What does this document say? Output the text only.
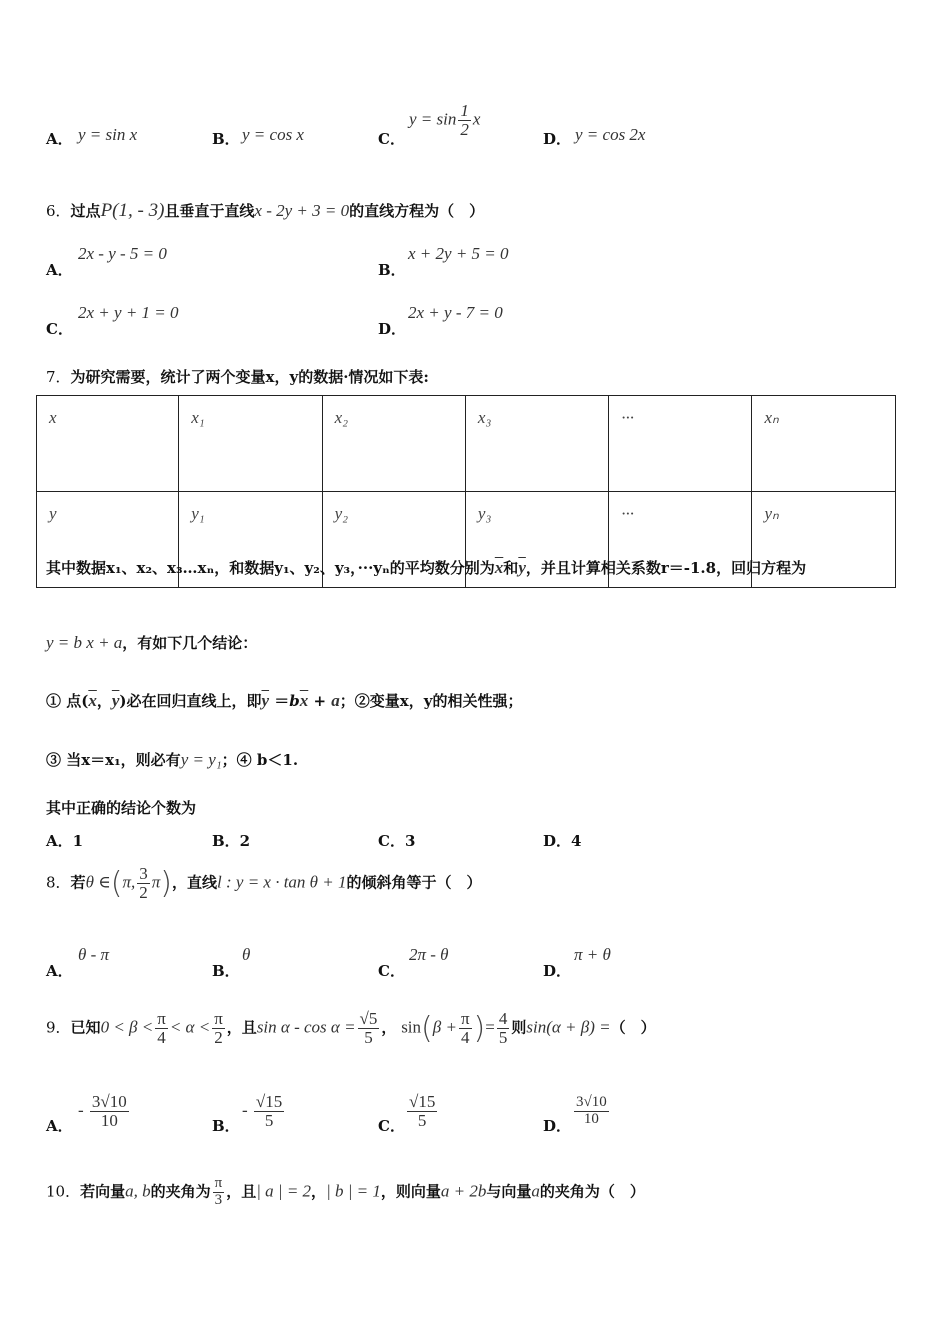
A． y = sin x	B． y = cos x	C．
$y = \sin \frac{1}{2}$ x
D． y = cos 2x
6．过点P(1, - 3)且垂直于直线x - 2y + 3 = 0的直线方程为（　）
A．
2x - y - 5 = 0
B．
x + 2y + 5 = 0
C．
2x + y + 1 = 0
D．
2x + y - 7 = 0
7．为研究需要，统计了两个变量x，y的数据·情况如下表:
x	x₁	x₂	x₃	···	xₙ
y	y₁	y₂	y₃	···	yₙ
其中数据x₁、x₂、x₃…xₙ，和数据y₁、y₂、y₃，···yₙ的平均数分别为$\overline{x}$和$\overline{y}$，并且计算相关系数r＝-1.8，回归方程为
y = b x + a，有如下几个结论：
① 点($\overline{x}$，$\overline{y}$)必在回归直线上，即$\overline{y} =b\overline{x} + a$；②变量x，y的相关性强；
③ 当x＝x₁，则必有y = y₁；④ b＜1.
其中正确的结论个数为
A．1	B．2	C．3	D．4
8．若θ ∈(π, $\frac{3}{2} \pi$)，直线l : y = x · tan θ + 1的倾斜角等于（　）
A．
θ - π
B．
θ
C．
2π - θ
D．
π + θ
9．已知$0 < \beta < \frac{\pi}{4} < \alpha < \frac{\pi}{2}$ ，且$\sin \alpha - \cos \alpha = \frac{√5}{5}$ ， $\sin(\beta + \frac{\pi}{4}$ )= $\frac{4}{5}$ 则sin(α + β) =（　）
A．
- $\frac{3√10}{10}$	B．
- $\frac{√15}{5}$	C． $\frac{√15}{5}$	D． $\frac{3√10}{10}$
10．若向量a, b的夹角为 $\frac{\pi}{3}$ ，且| a | = 2，| b | = 1，则向量a + 2b与向量a的夹角为（　）
